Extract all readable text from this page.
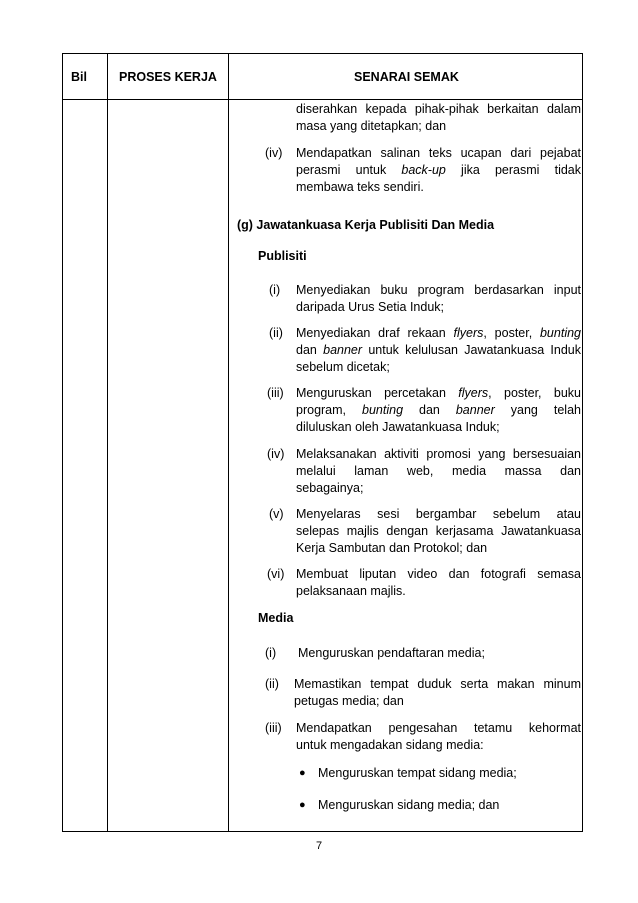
Bil	PROSES KERJA	SENARAI SEMAK
diserahkan kepada pihak-pihak berkaitan dalam
masa yang ditetapkan; dan
(iv) Mendapatkan salinan teks ucapan dari pejabat
perasmi untuk back-up jika perasmi tidak
membawa teks sendiri.
(g) Jawatankuasa Kerja Publisiti Dan Media
Publisiti
(i) Menyediakan buku program berdasarkan input
daripada Urus Setia Induk;
(ii) Menyediakan draf rekaan flyers, poster, bunting
dan banner untuk kelulusan Jawatankuasa Induk
sebelum dicetak;
(iii) Menguruskan percetakan flyers, poster, buku
program, bunting dan banner yang telah
diluluskan oleh Jawatankuasa Induk;
(iv) Melaksanakan aktiviti promosi yang bersesuaian
melalui laman web, media massa dan
sebagainya;
(v) Menyelaras sesi bergambar sebelum atau
selepas majlis dengan kerjasama Jawatankuasa
Kerja Sambutan dan Protokol; dan
(vi) Membuat liputan video dan fotografi semasa
pelaksanaan majlis.
Media
(i) Menguruskan pendaftaran media;
(ii) Memastikan tempat duduk serta makan minum
petugas media; dan
(iii) Mendapatkan pengesahan tetamu kehormat
untuk mengadakan sidang media:
● Menguruskan tempat sidang media;
● Menguruskan sidang media; dan
7
